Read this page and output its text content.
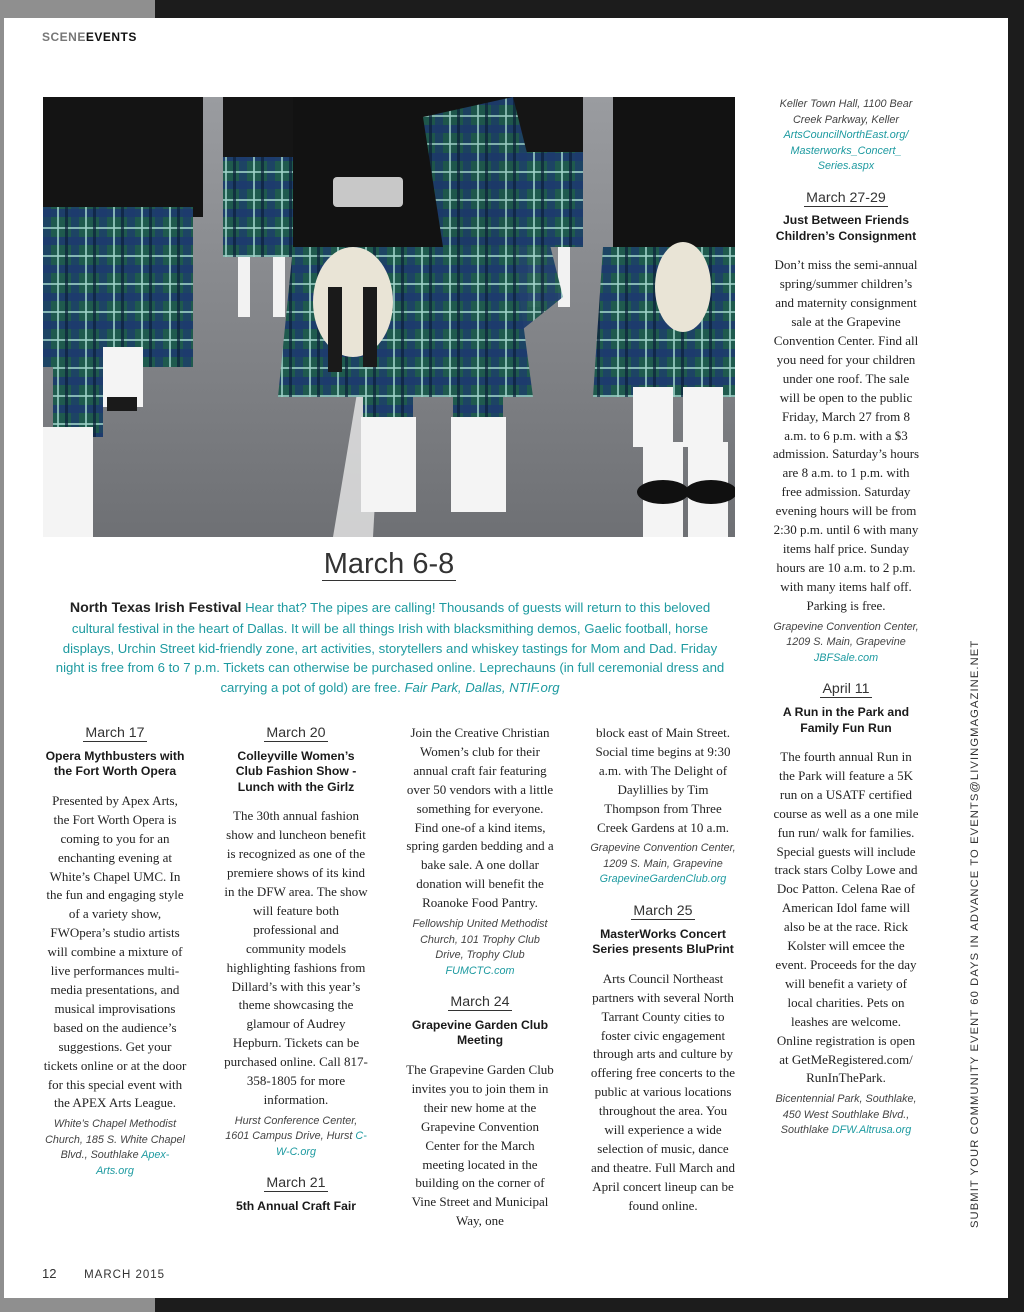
SCENEEVENTS
March 6-8
North Texas Irish Festival Hear that? The pipes are calling! Thousands of guests will return to this beloved cultural festival in the heart of Dallas. It will be all things Irish with blacksmithing demos, Gaelic football, horse displays, Urchin Street kid-friendly zone, art activities, storytellers and whiskey tastings for Mom and Dad. Friday night is free from 6 to 7 p.m. Tickets can otherwise be purchased online. Leprechauns (in full ceremonial dress and carrying a pot of gold) are free. Fair Park, Dallas, NTIF.org
March 17
Opera Mythbusters with the Fort Worth Opera
Presented by Apex Arts, the Fort Worth Opera is coming to you for an enchanting evening at White’s Chapel UMC. In the fun and engaging style of a variety show, FWOpera’s studio artists will combine a mixture of live performances multi-media presentations, and musical improvisations based on the audience’s suggestions. Get your tickets online or at the door for this special event with the APEX Arts League.
White’s Chapel Methodist Church, 185 S. White Chapel Blvd., Southlake Apex-Arts.org
March 20
Colleyville Women’s Club Fashion Show - Lunch with the Girlz
The 30th annual fashion show and luncheon benefit is recognized as one of the premiere shows of its kind in the DFW area. The show will feature both professional and community models highlighting fashions from Dillard’s with this year’s theme showcasing the glamour of Audrey Hepburn. Tickets can be purchased online. Call 817-358-1805 for more information.
Hurst Conference Center, 1601 Campus Drive, Hurst C-W-C.org
March 21
5th Annual Craft Fair
Join the Creative Christian Women’s club for their annual craft fair featuring over 50 vendors with a little something for everyone. Find one-of a kind items, spring garden bedding and a bake sale. A one dollar donation will benefit the Roanoke Food Pantry.
Fellowship United Methodist Church, 101 Trophy Club Drive, Trophy Club FUMCTC.com
March 24
Grapevine Garden Club Meeting
The Grapevine Garden Club invites you to join them in their new home at the Grapevine Convention Center for the March meeting located in the building on the corner of Vine Street and Municipal Way, one
block east of Main Street. Social time begins at 9:30 a.m. with The Delight of Daylillies by Tim Thompson from Three Creek Gardens at 10 a.m.
Grapevine Convention Center, 1209 S. Main, Grapevine GrapevineGardenClub.org
March 25
MasterWorks Concert Series presents BluPrint
Arts Council Northeast partners with several North Tarrant County cities to foster civic engagement through arts and culture by offering free concerts to the public at various locations throughout the area. You will experience a wide selection of music, dance and theatre. Full March and April concert lineup can be found online.
Keller Town Hall, 1100 Bear Creek Parkway, Keller ArtsCouncilNorthEast.org/ Masterworks_Concert_ Series.aspx
March 27-29
Just Between Friends Children’s Consignment
Don’t miss the semi-annual spring/summer children’s and maternity consignment sale at the Grapevine Convention Center. Find all you need for your children under one roof. The sale will be open to the public Friday, March 27 from 8 a.m. to 6 p.m. with a $3 admission. Saturday’s hours are 8 a.m. to 1 p.m. with free admission. Saturday evening hours will be from 2:30 p.m. until 6 with many items half price. Sunday hours are 10 a.m. to 2 p.m. with many items half off. Parking is free.
Grapevine Convention Center, 1209 S. Main, Grapevine JBFSale.com
April 11
A Run in the Park and Family Fun Run
The fourth annual Run in the Park will feature a 5K run on a USATF certified course as well as a one mile fun run/ walk for families. Special guests will include track stars Colby Lowe and Doc Patton. Celena Rae of American Idol fame will also be at the race. Rick Kolster will emcee the event. Proceeds for the day will benefit a variety of local charities. Pets on leashes are welcome. Online registration is open at GetMeRegistered.com/ RunInThePark.
Bicentennial Park, Southlake, 450 West Southlake Blvd., Southlake DFW.Altrusa.org	SUBMIT YOUR COMMUNITY EVENT 60 DAYS IN ADVANCE TO EVENTS@LIVINGMAGAZINE.NET
12 MARCH 2015
